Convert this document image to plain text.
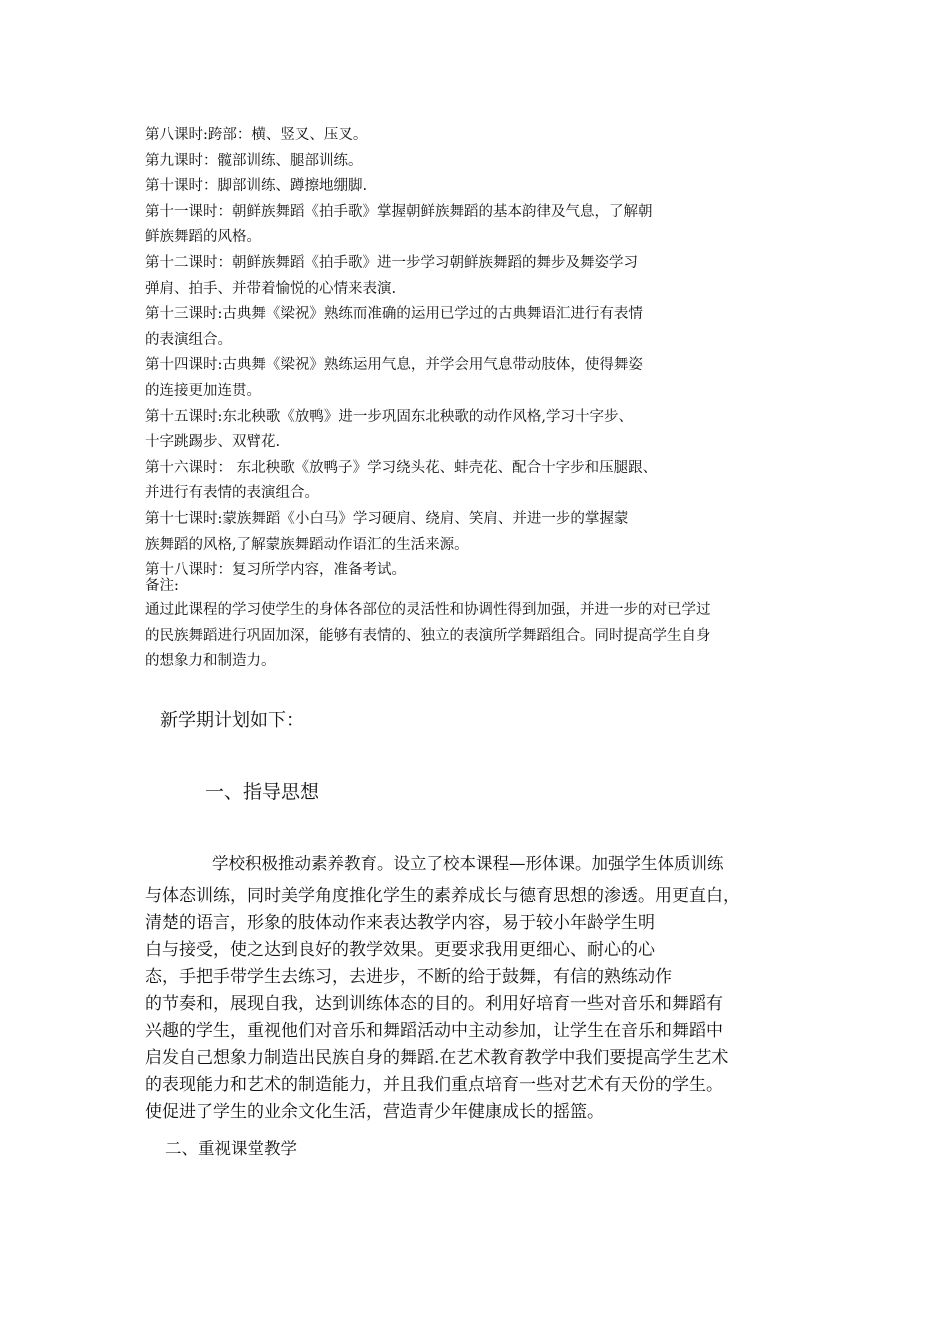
第八课时:跨部：横、竖叉、压叉。
第九课时：髋部训练、腿部训练。
第十课时：脚部训练、蹲擦地绷脚.
第十一课时：朝鲜族舞蹈《拍手歌》掌握朝鲜族舞蹈的基本韵律及气息，了解朝
鲜族舞蹈的风格。
第十二课时：朝鲜族舞蹈《拍手歌》进一步学习朝鲜族舞蹈的舞步及舞姿学习
弹肩、拍手、并带着愉悦的心情来表演.
第十三课时:古典舞《梁祝》熟练而准确的运用已学过的古典舞语汇进行有表情
的表演组合。
第十四课时:古典舞《梁祝》熟练运用气息，并学会用气息带动肢体，使得舞姿
的连接更加连贯。
第十五课时:东北秧歌《放鸭》进一步巩固东北秧歌的动作风格,学习十字步、
十字跳踢步、双臂花.
第十六课时： 东北秧歌《放鸭子》学习绕头花、蚌壳花、配合十字步和压腿跟、
并进行有表情的表演组合。
第十七课时:蒙族舞蹈《小白马》学习硬肩、绕肩、笑肩、并进一步的掌握蒙
族舞蹈的风格,了解蒙族舞蹈动作语汇的生活来源。
第十八课时：复习所学内容，准备考试。
备注:
通过此课程的学习使学生的身体各部位的灵活性和协调性得到加强，并进一步的对已学过
的民族舞蹈进行巩固加深，能够有表情的、独立的表演所学舞蹈组合。同时提高学生自身
的想象力和制造力。
新学期计划如下：
一、指导思想
学校积极推动素养教育。设立了校本课程—形体课。加强学生体质训练
与体态训练，同时美学角度推化学生的素养成长与德育思想的渗透。用更直白，
清楚的语言，形象的肢体动作来表达教学内容，易于较小年龄学生明
白与接受，使之达到良好的教学效果。更要求我用更细心、耐心的心
态，手把手带学生去练习，去进步，不断的给于鼓舞，有信的熟练动作
的节奏和，展现自我，达到训练体态的目的。利用好培育一些对音乐和舞蹈有
兴趣的学生，重视他们对音乐和舞蹈活动中主动参加，让学生在音乐和舞蹈中
启发自己想象力制造出民族自身的舞蹈.在艺术教育教学中我们要提高学生艺术
的表现能力和艺术的制造能力，并且我们重点培育一些对艺术有天份的学生。
使促进了学生的业余文化生活，营造青少年健康成长的摇篮。
二、重视课堂教学
